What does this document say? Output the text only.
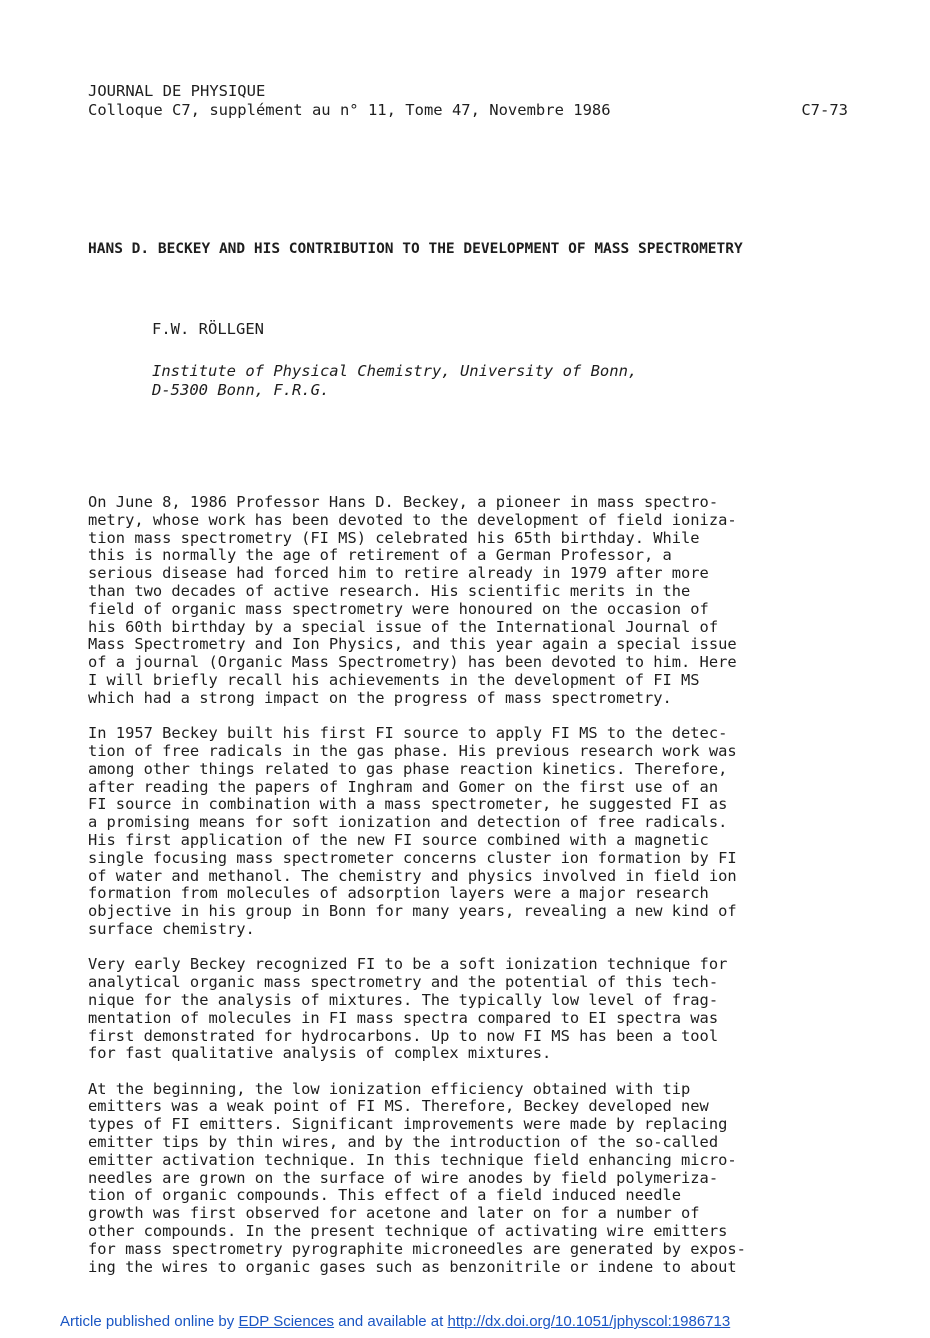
JOURNAL DE PHYSIQUE
Colloque C7, supplément au n° 11, Tome 47, Novembre 1986	C7-73
HANS D. BECKEY AND HIS CONTRIBUTION TO THE DEVELOPMENT OF MASS SPECTROMETRY
F.W. RÖLLGEN
Institute of Physical Chemistry, University of Bonn,
D-5300 Bonn, F.R.G.

On June 8, 1986 Professor Hans D. Beckey, a pioneer in mass spectro-
metry, whose work has been devoted to the development of field ioniza-
tion mass spectrometry (FI MS) celebrated his 65th birthday. While
this is normally the age of retirement of a German Professor, a
serious disease had forced him to retire already in 1979 after more
than two decades of active research. His scientific merits in the
field of organic mass spectrometry were honoured on the occasion of
his 60th birthday by a special issue of the International Journal of
Mass Spectrometry and Ion Physics, and this year again a special issue
of a journal (Organic Mass Spectrometry) has been devoted to him. Here
I will briefly recall his achievements in the development of FI MS
which had a strong impact on the progress of mass spectrometry.

In 1957 Beckey built his first FI source to apply FI MS to the detec-
tion of free radicals in the gas phase. His previous research work was
among other things related to gas phase reaction kinetics. Therefore,
after reading the papers of Inghram and Gomer on the first use of an
FI source in combination with a mass spectrometer, he suggested FI as
a promising means for soft ionization and detection of free radicals.
His first application of the new FI source combined with a magnetic
single focusing mass spectrometer concerns cluster ion formation by FI
of water and methanol. The chemistry and physics involved in field ion
formation from molecules of adsorption layers were a major research
objective in his group in Bonn for many years, revealing a new kind of
surface chemistry.

Very early Beckey recognized FI to be a soft ionization technique for
analytical organic mass spectrometry and the potential of this tech-
nique for the analysis of mixtures. The typically low level of frag-
mentation of molecules in FI mass spectra compared to EI spectra was
first demonstrated for hydrocarbons. Up to now FI MS has been a tool
for fast qualitative analysis of complex mixtures.

At the beginning, the low ionization efficiency obtained with tip
emitters was a weak point of FI MS. Therefore, Beckey developed new
types of FI emitters. Significant improvements were made by replacing
emitter tips by thin wires, and by the introduction of the so-called
emitter activation technique. In this technique field enhancing micro-
needles are grown on the surface of wire anodes by field polymeriza-
tion of organic compounds. This effect of a field induced needle
growth was first observed for acetone and later on for a number of
other compounds. In the present technique of activating wire emitters
for mass spectrometry pyrographite microneedles are generated by expos-
ing the wires to organic gases such as benzonitrile or indene to about

Article published online by EDP Sciences and available at http://dx.doi.org/10.1051/jphyscol:1986713
